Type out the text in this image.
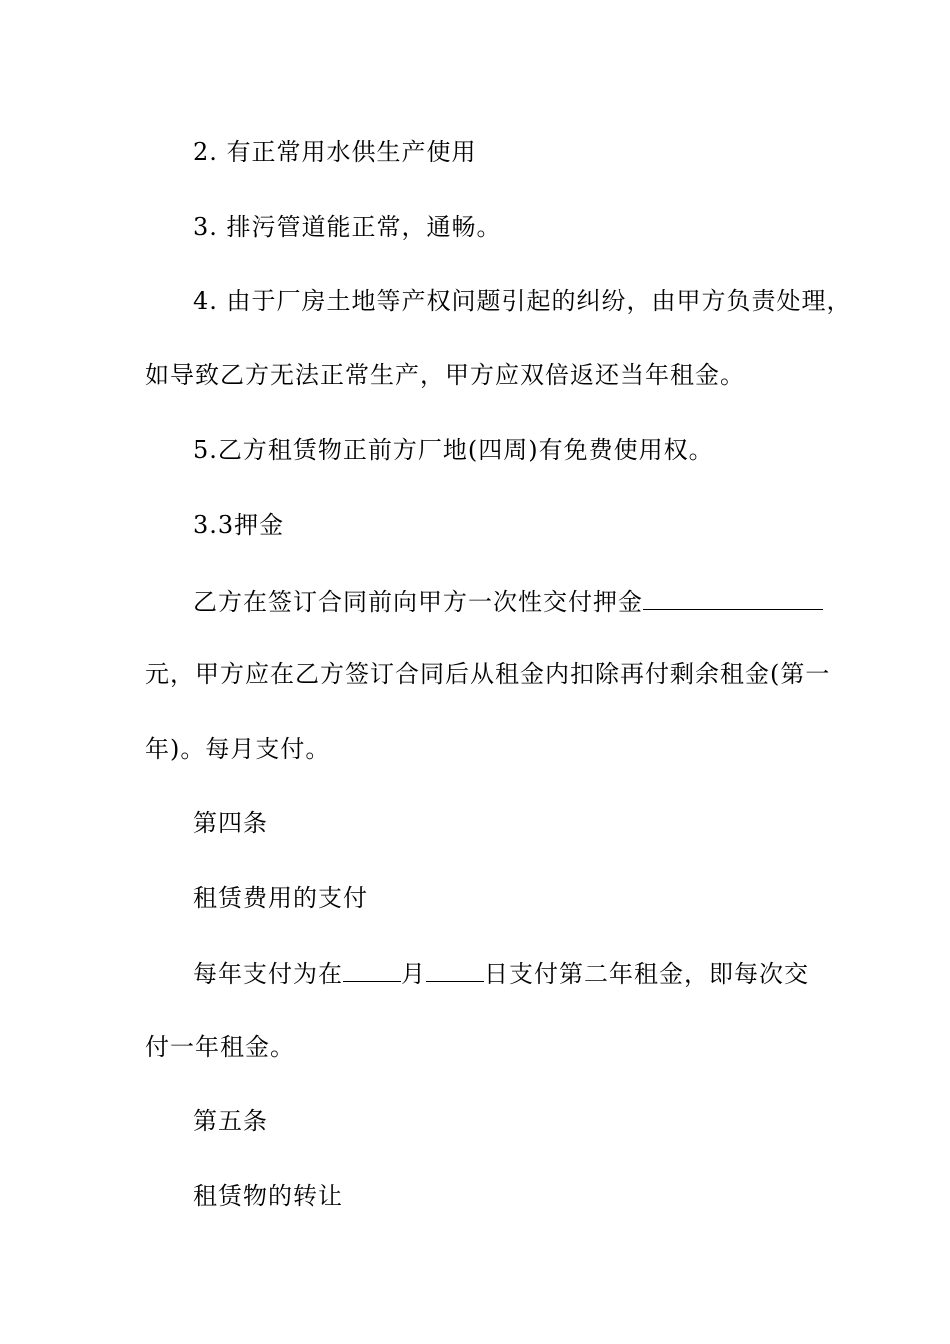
2. 有正常用水供生产使用
3. 排污管道能正常，通畅。
4. 由于厂房土地等产权问题引起的纠纷，由甲方负责处理，
如导致乙方无法正常生产，甲方应双倍返还当年租金。
5.乙方租赁物正前方厂地(四周)有免费使用权。
3.3押金
乙方在签订合同前向甲方一次性交付押金
元，甲方应在乙方签订合同后从租金内扣除再付剩余租金(第一
年)。每月支付。
第四条
租赁费用的支付
每年支付为在 月 日支付第二年租金，即每次交
付一年租金。
第五条
租赁物的转让
